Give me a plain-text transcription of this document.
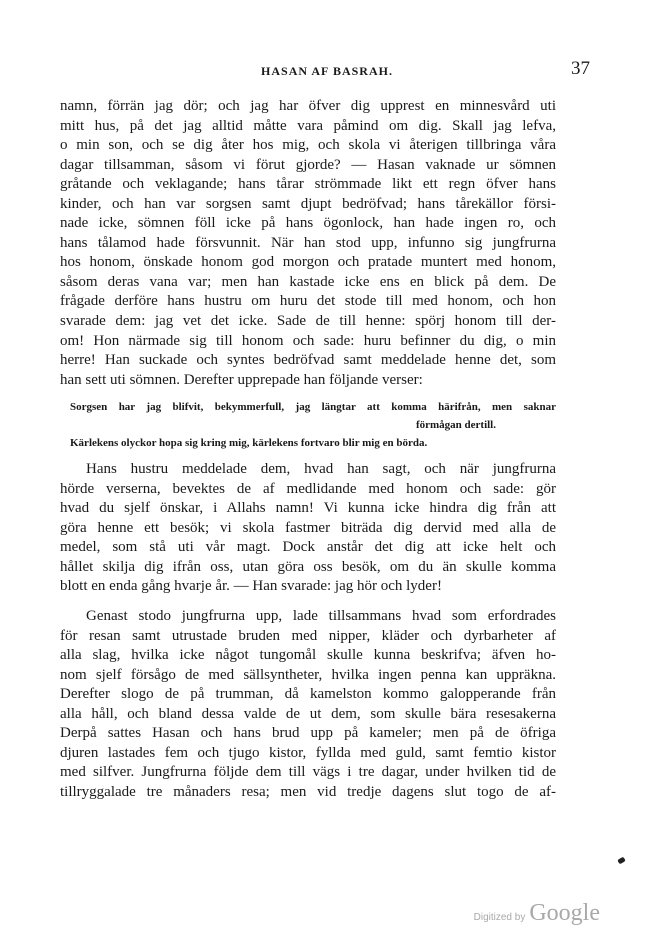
HASAN AF BASRAH.	37
namn, förrän jag dör; och jag har öfver dig upprest en minnesvård uti
mitt hus, på det jag alltid måtte vara påmind om dig. Skall jag lefva,
o min son, och se dig åter hos mig, och skola vi återigen tillbringa våra
dagar tillsamman, såsom vi förut gjorde? — Hasan vaknade ur sömnen
gråtande och veklagande; hans tårar strömmade likt ett regn öfver hans
kinder, och han var sorgsen samt djupt bedröfvad; hans tårekällor försi-
nade icke, sömnen föll icke på hans ögonlock, han hade ingen ro, och
hans tålamod hade försvunnit. När han stod upp, infunno sig jungfrurna
hos honom, önskade honom god morgon och pratade muntert med honom,
såsom deras vana var; men han kastade icke ens en blick på dem. De
frågade derföre hans hustru om huru det stode till med honom, och hon
svarade dem: jag vet det icke. Sade de till henne: spörj honom till der-
om! Hon närmade sig till honom och sade: huru befinner du dig, o min
herre! Han suckade och syntes bedröfvad samt meddelade henne det, som
han sett uti sömnen. Derefter upprepade han följande verser:
Sorgsen har jag blifvit, bekymmerfull, jag längtar att komma härifrån, men saknar
förmågan dertill.
Kärlekens olyckor hopa sig kring mig, kärlekens fortvaro blir mig en börda.
Hans hustru meddelade dem, hvad han sagt, och när jungfrurna
hörde verserna, bevektes de af medlidande med honom och sade: gör
hvad du sjelf önskar, i Allahs namn! Vi kunna icke hindra dig från att
göra henne ett besök; vi skola fastmer biträda dig dervid med alla de
medel, som stå uti vår magt. Dock anstår det dig att icke helt och
hållet skilja dig ifrån oss, utan göra oss besök, om du än skulle komma
blott en enda gång hvarje år. — Han svarade: jag hör och lyder!
Genast stodo jungfrurna upp, lade tillsammans hvad som erfordrades
för resan samt utrustade bruden med nipper, kläder och dyrbarheter af
alla slag, hvilka icke något tungomål skulle kunna beskrifva; äfven ho-
nom sjelf försågo de med sällsyntheter, hvilka ingen penna kan uppräkna.
Derefter slogo de på trumman, då kamelston kommo galopperande från
alla håll, och bland dessa valde de ut dem, som skulle bära resesakerna
Derpå sattes Hasan och hans brud upp på kameler; men på de öfriga
djuren lastades fem och tjugo kistor, fyllda med guld, samt femtio kistor
med silfver. Jungfrurna följde dem till vägs i tre dagar, under hvilken tid de
tillryggalade tre månaders resa; men vid tredje dagens slut togo de af-
Digitized by Google
